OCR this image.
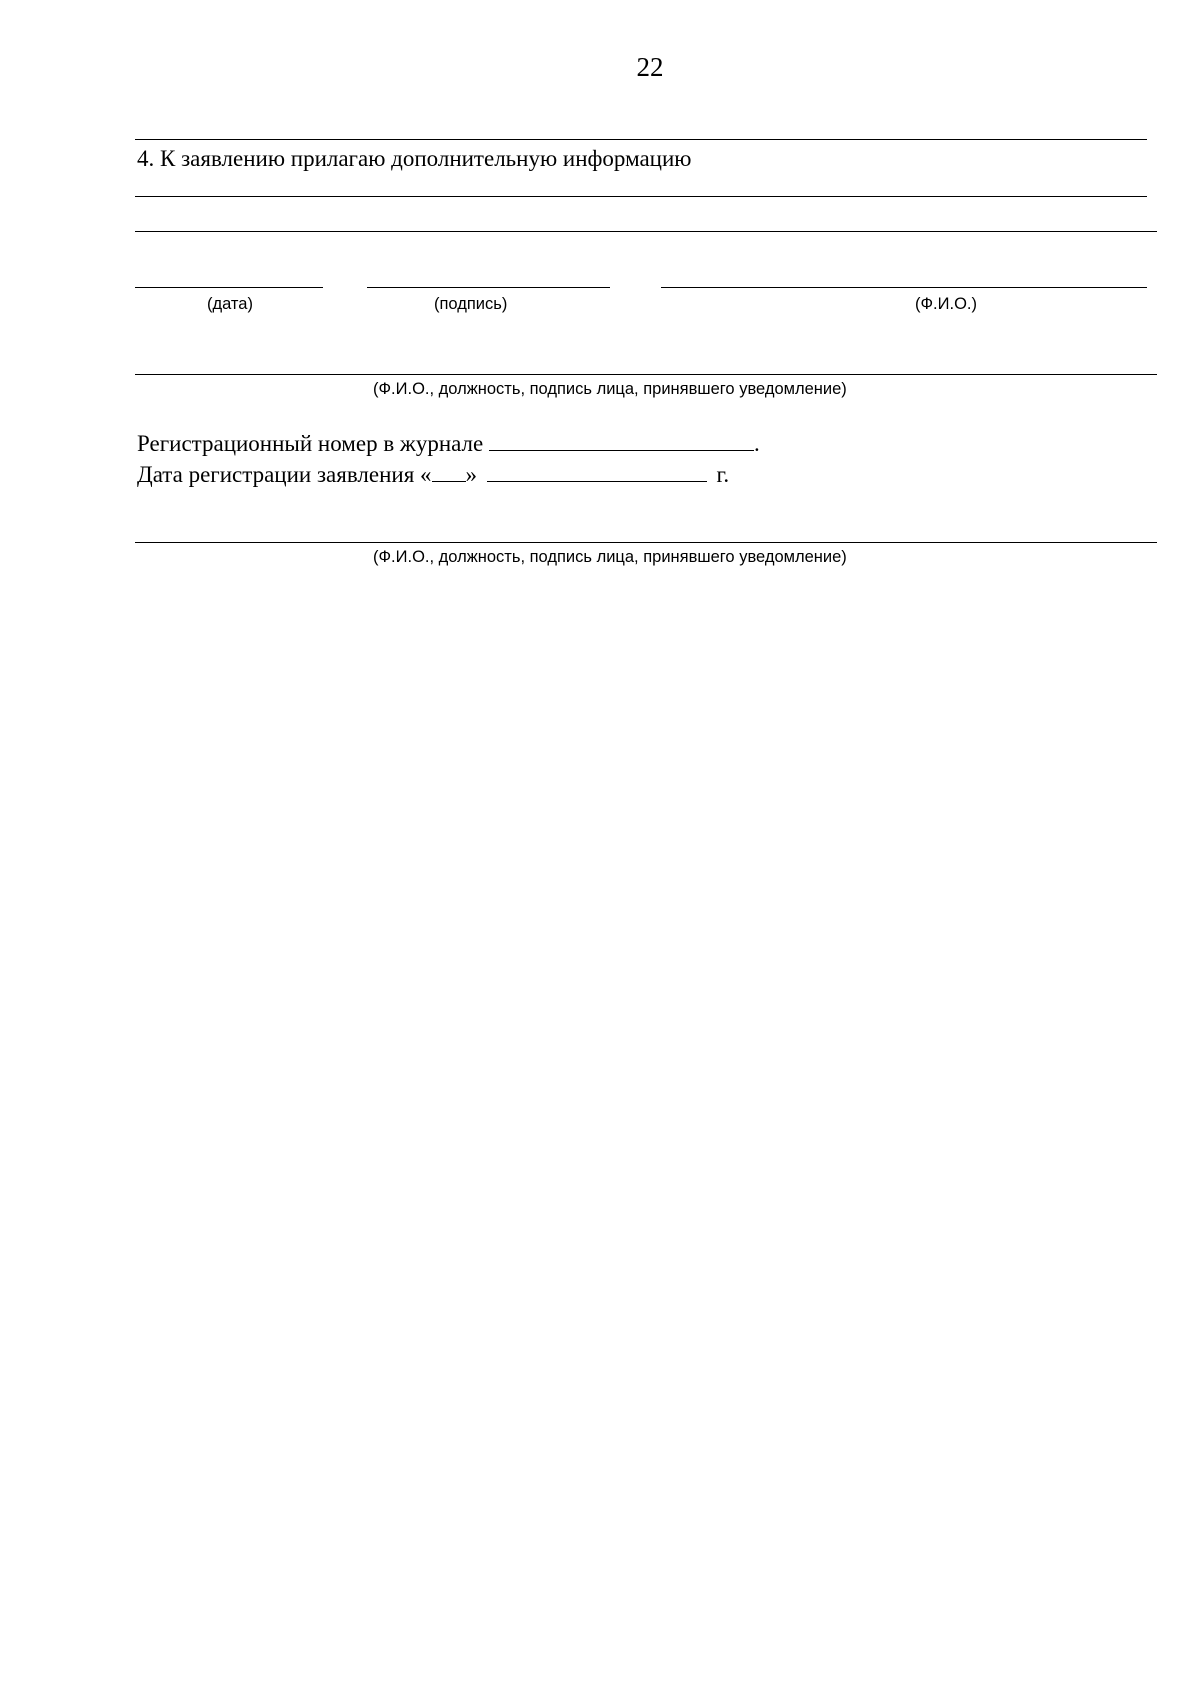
22
4. К заявлению прилагаю дополнительную информацию
(дата)	(подпись)	(Ф.И.О.)
(Ф.И.О., должность, подпись лица, принявшего уведомление)
Регистрационный номер в журнале	.
Дата регистрации заявления « »	г.
(Ф.И.О., должность, подпись лица, принявшего уведомление)
